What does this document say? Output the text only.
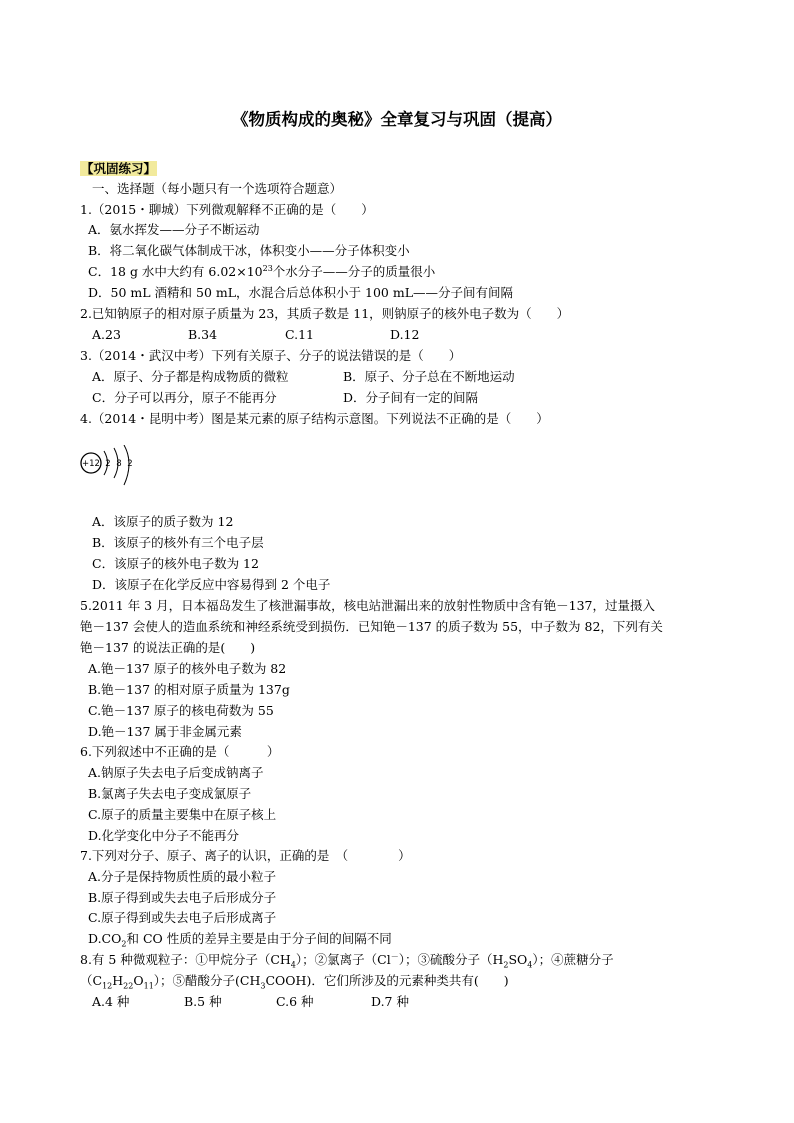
《物质构成的奥秘》全章复习与巩固（提高）
【巩固练习】
一、选择题（每小题只有一个选项符合题意）
1.（2015・聊城）下列微观解释不正确的是（　　）
A．氨水挥发——分子不断运动
B．将二氧化碳气体制成干冰，体积变小——分子体积变小
C．18 g 水中大约有 $6.02\times 10^{23}$个水分子——分子的质量很小
D．50 mL 酒精和 50 mL，水混合后总体积小于 100 mL——分子间有间隔
2.已知钠原子的相对原子质量为 23，其质子数是 11，则钠原子的核外电子数为（　　）
A.23	B.34	C.11	D.12
3.（2014・武汉中考）下列有关原子、分子的说法错误的是（　　）
A．原子、分子都是构成物质的微粒	B．原子、分子总在不断地运动
C．分子可以再分，原子不能再分	D．分子间有一定的间隔
4.（2014・昆明中考）图是某元素的原子结构示意图。下列说法不正确的是（　　）
+12 2 8 2
A．该原子的质子数为 12
B．该原子的核外有三个电子层
C．该原子的核外电子数为 12
D．该原子在化学反应中容易得到 2 个电子
5.2011 年 3 月，日本福岛发生了核泄漏事故，核电站泄漏出来的放射性物质中含有铯－137，过量摄入
铯－137 会使人的造血系统和神经系统受到损伤．已知铯－137 的质子数为 55，中子数为 82，下列有关
铯－137 的说法正确的是(　　)
A.铯－137 原子的核外电子数为 82
B.铯－137 的相对原子质量为 137g
C.铯－137 原子的核电荷数为 55
D.铯－137 属于非金属元素
6.下列叙述中不正确的是（　　　）
A.钠原子失去电子后变成钠离子
B.氯离子失去电子变成氯原子
C.原子的质量主要集中在原子核上
D.化学变化中分子不能再分
7.下列对分子、原子、离子的认识，正确的是　（　　　　）
A.分子是保持物质性质的最小粒子
B.原子得到或失去电子后形成分子
C.原子得到或失去电子后形成离子
$D.CO_2$和 CO 性质的差异主要是由于分子间的间隔不同
8.有 5 种微观粒子：①甲烷分子$(CH_4)$；②氯离子（Cl－）；③硫酸分子$(H_2SO_4)$；④蔗糖分子
$(C_{12}H_{22}O_{11})$；⑤醋酸分子$(CH_3COOH)$．它们所涉及的元素种类共有(　　)
A.4 种	B.5 种	C.6 种	D.7 种
